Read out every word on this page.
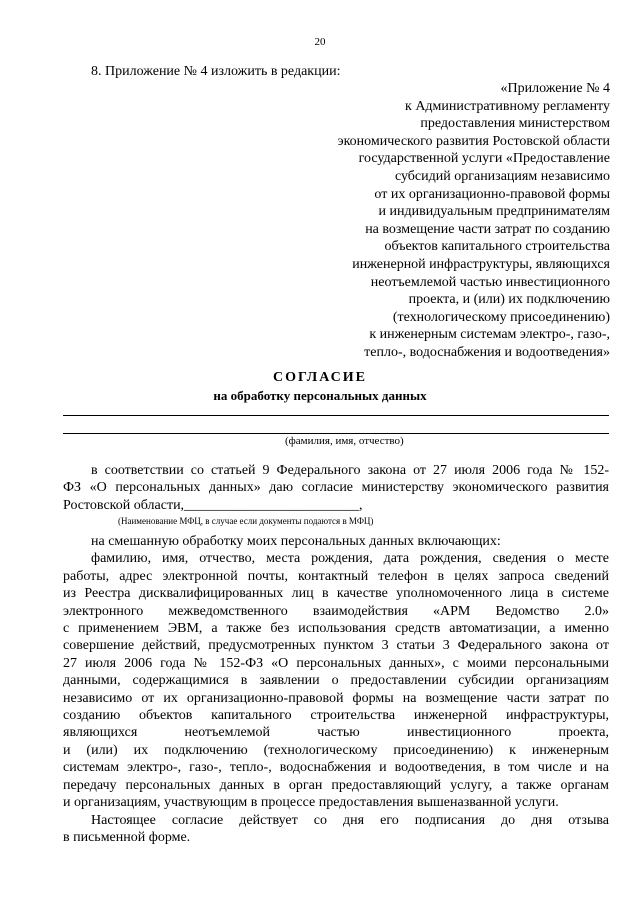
20
8. Приложение № 4 изложить в редакции:
«Приложение № 4
к Административному регламенту
предоставления министерством
экономического развития Ростовской области
государственной услуги «Предоставление
субсидий организациям независимо
от их организационно-правовой формы
и индивидуальным предпринимателям
на возмещение части затрат по созданию
объектов капитального строительства
инженерной инфраструктуры, являющихся
неотъемлемой частью инвестиционного
проекта, и (или) их подключению
(технологическому присоединению)
к инженерным системам электро-, газо-,
тепло-, водоснабжения и водоотведения»
СОГЛАСИЕ
на обработку персональных данных
(фамилия, имя, отчество)
в соответствии со статьей 9 Федерального закона от 27 июля 2006 года № 152-
ФЗ «О персональных данных» даю согласие министерству экономического развития
Ростовской области,_________________________,
(Наименование МФЦ, в случае если документы подаются в МФЦ)
на смешанную обработку моих персональных данных включающих:
фамилию, имя, отчество, места рождения, дата рождения, сведения о месте
работы, адрес электронной почты, контактный телефон в целях запроса сведений
из Реестра дисквалифицированных лиц в качестве уполномоченного лица в системе
электронного межведомственного взаимодействия «АРМ Ведомство 2.0»
с применением ЭВМ, а также без использования средств автоматизации, а именно
совершение действий, предусмотренных пунктом 3 статьи 3 Федерального закона от
27 июля 2006 года № 152-ФЗ «О персональных данных», с моими персональными
данными, содержащимися в заявлении о предоставлении субсидии организациям
независимо от их организационно-правовой формы на возмещение части затрат по
созданию объектов капитального строительства инженерной инфраструктуры,
являющихся неотъемлемой частью инвестиционного проекта,
и (или) их подключению (технологическому присоединению) к инженерным
системам электро-, газо-, тепло-, водоснабжения и водоотведения, в том числе и на
передачу персональных данных в орган предоставляющий услугу, а также органам
и организациям, участвующим в процессе предоставления вышеназванной услуги.
Настоящее согласие действует со дня его подписания до дня отзыва
в письменной форме.
